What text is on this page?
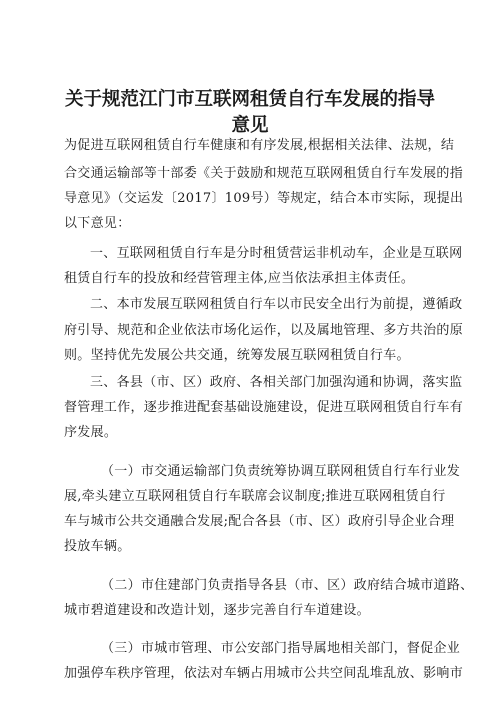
关于规范江门市互联网租赁自行车发展的指导
意见
为促进互联网租赁自行车健康和有序发展,根据相关法律、法规，结
合交通运输部等十部委《关于鼓励和规范互联网租赁自行车发展的指
导意见》（交运发〔2017〕109号）等规定，结合本市实际，现提出
以下意见：
一、互联网租赁自行车是分时租赁营运非机动车，企业是互联网
租赁自行车的投放和经营管理主体,应当依法承担主体责任。
二、本市发展互联网租赁自行车以市民安全出行为前提，遵循政
府引导、规范和企业依法市场化运作，以及属地管理、多方共治的原
则。坚持优先发展公共交通，统筹发展互联网租赁自行车。
三、各县（市、区）政府、各相关部门加强沟通和协调，落实监
督管理工作，逐步推进配套基础设施建设，促进互联网租赁自行车有
序发展。
（一）市交通运输部门负责统筹协调互联网租赁自行车行业发
展,牵头建立互联网租赁自行车联席会议制度;推进互联网租赁自行
车与城市公共交通融合发展;配合各县（市、区）政府引导企业合理
投放车辆。
（二）市住建部门负责指导各县（市、区）政府结合城市道路、
城市碧道建设和改造计划，逐步完善自行车道建设。
（三）市城市管理、市公安部门指导属地相关部门，督促企业
加强停车秩序管理，依法对车辆占用城市公共空间乱堆乱放、影响市
